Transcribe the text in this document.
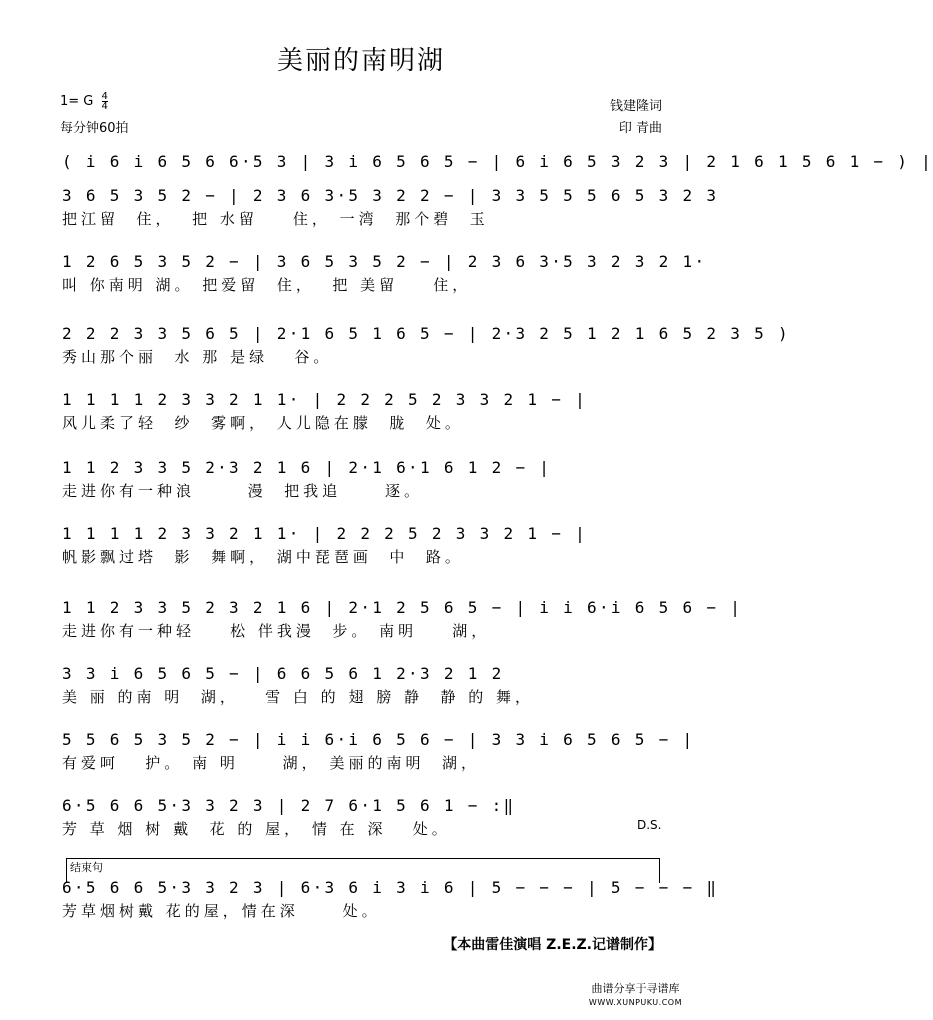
美丽的南明湖
1= G $\frac{4}{4}$
每分钟60拍
钱建隆词
印 青曲
( i 6 i 6 5 6 6·5 3 | 3 i 6 5 6 5 − | 6 i 6 5 3 2 3 | 2 1 6 1 5 6 1 − ) |
3 6 5 3 5 2 − | 2 3 6 3·5 3 2 2 − | 3 3 5 5 5 6 5 3 2 3
把江留  住，  把 水留    住， 一湾  那个碧  玉
1 2 6 5 3 5 2 − | 3 6 5 3 5 2 − | 2 3 6 3·5 3 2 3 2 1·
叫 你南明 湖。 把爱留  住，  把 美留    住，
2 2 2 3 3 5 6 5 | 2·1 6 5 1 6 5 − | 2·3 2 5 1 2 1 6 5 2 3 5 )
秀山那个丽  水 那 是绿   谷。
1 1 1 1 2 3 3 2 1 1· | 2 2 2 5 2 3 3 2 1 − |
风儿柔了轻  纱  雾啊， 人儿隐在朦  胧  处。
1 1 2 3 3 5 2·3 2 1 6 | 2·1 6·1 6 1 2 − |
走进你有一种浪      漫  把我追     逐。
1 1 1 1 2 3 3 2 1 1· | 2 2 2 5 2 3 3 2 1 − |
帆影飘过塔  影  舞啊， 湖中琵琶画  中  路。
1 1 2 3 3 5 2 3 2 1 6 | 2·1 2 5 6 5 − | i i 6·i 6 5 6 − |
走进你有一种轻    松 伴我漫  步。 南明    湖，
3 3 i 6 5 6 5 − | 6 6 5 6 1 2·3 2 1 2
美 丽 的南 明  湖，   雪 白 的 翅 膀 静  静 的 舞，
5 5 6 5 3 5 2 − | i i 6·i 6 5 6 − | 3 3 i 6 5 6 5 − |
有爱呵   护。 南 明     湖， 美丽的南明  湖，
6·5 6 6 5·3 3 2 3 | 2 7 6·1 5 6 1 − :‖
芳 草 烟 树 戴  花 的 屋， 情 在 深   处。	D.S.
结束句
6·5 6 6 5·3 3 2 3 | 6·3 6 i 3 i 6 | 5 − − − | 5 − − − ‖
芳草烟树戴 花的屋，情在深     处。
【本曲雷佳演唱 Z.E.Z.记谱制作】
曲谱分享于寻谱库
WWW.XUNPUKU.COM
